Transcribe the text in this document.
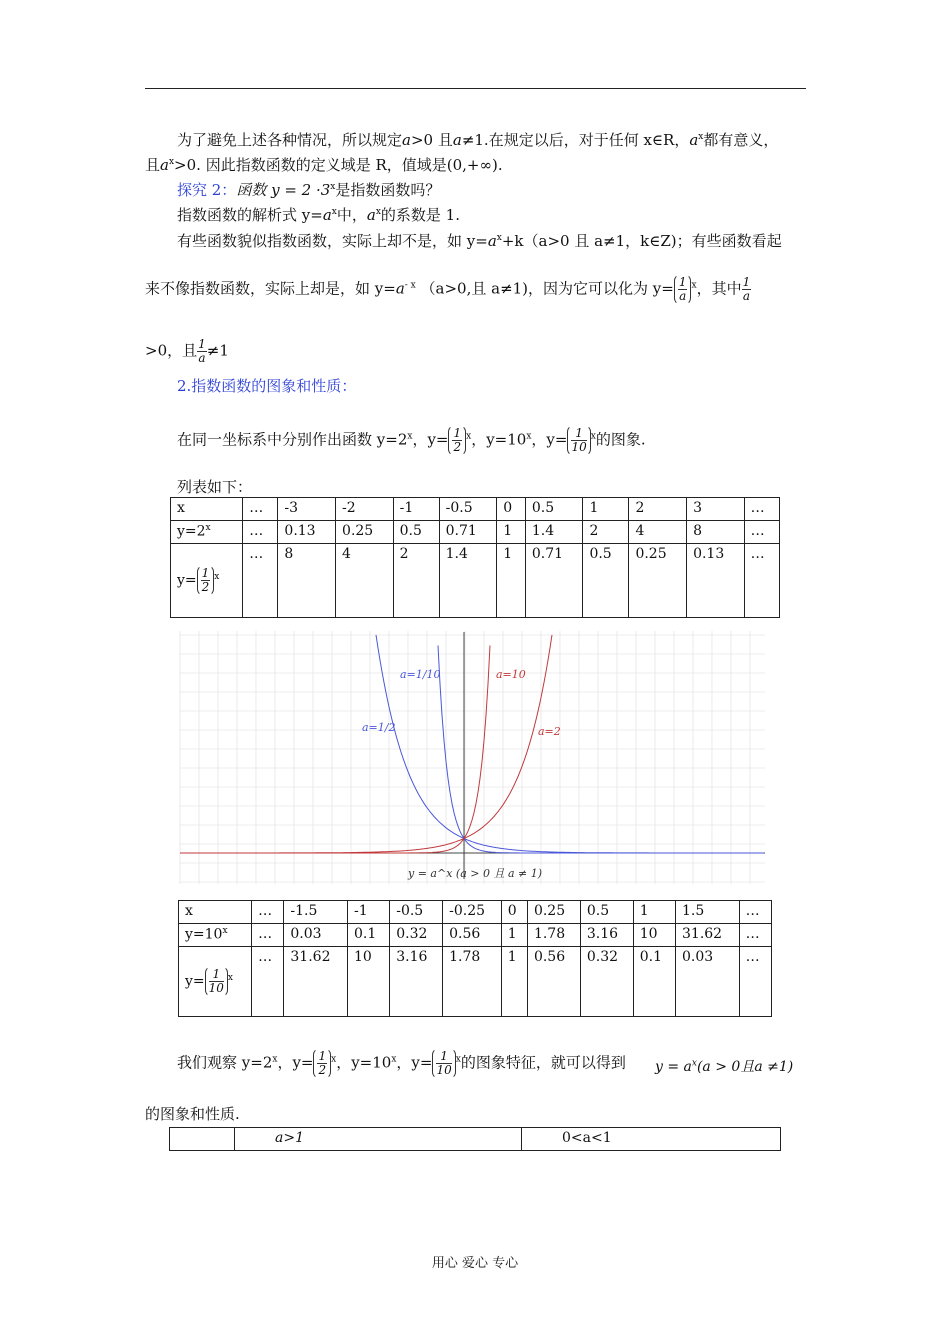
为了避免上述各种情况，所以规定a>0 且a≠1.在规定以后，对于任何 x∈R，$a^x$都有意义，
且$a^x>0$. 因此指数函数的定义域是 R，值域是(0,+∞).
探究 2：函数 $y = 2 \cdot 3^x$是指数函数吗？
指数函数的解析式 $y=a^x$中，$a^x$的系数是 1.
有些函数貌似指数函数，实际上却不是，如 $y=a^x+k(a>0$ 且 a≠1，k∈Z)；有些函数看起
来不像指数函数，实际上却是，如 $y=a^{- x}$ （a>0,且 a≠1)，因为它可以化为 $y= \frac{1}{a} ^x$，其中 $\frac{1}{a}$
>0，且 $\frac{1}{a} \ne 1$
2.指数函数的图象和性质：
在同一坐标系中分别作出函数 $y=2^x$，$y= \frac{1}{2} ^x$，$y=10^x$，$y= \frac{1}{10} ^x$的图象.
列表如下：
x	…	-3	-2	-1	-0.5	0	0.5	1	2	3	…
$y=2^x$	…	0.13	0.25	0.5	0.71	1	1.4	2	4	8	…
$y= \frac{1}{2} ^x$	…	8	4	2	1.4	1	0.71	0.5	0.25	0.13	…
a=1/10	a=10
a=1/2	a=2
y = a^x (a > 0 且 a ≠ 1)
x	…	-1.5	-1	-0.5	-0.25	0	0.25	0.5	1	1.5	…
$y=10^x$	…	0.03	0.1	0.32	0.56	1	1.78	3.16	10	31.62	…
$y= \frac{1}{10} ^x$	…	31.62	10	3.16	1.78	1	0.56	0.32	0.1	0.03	…
我们观察 $y=2^x$，$y= \frac{1}{2} ^x$，$y=10^x$，$y= \frac{1}{10} ^x$的图象特征，就可以得到	$y = a^x(a > 0$且a ≠1)
的图象和性质.
	a>1	0<a<1
用心 爱心 专心
